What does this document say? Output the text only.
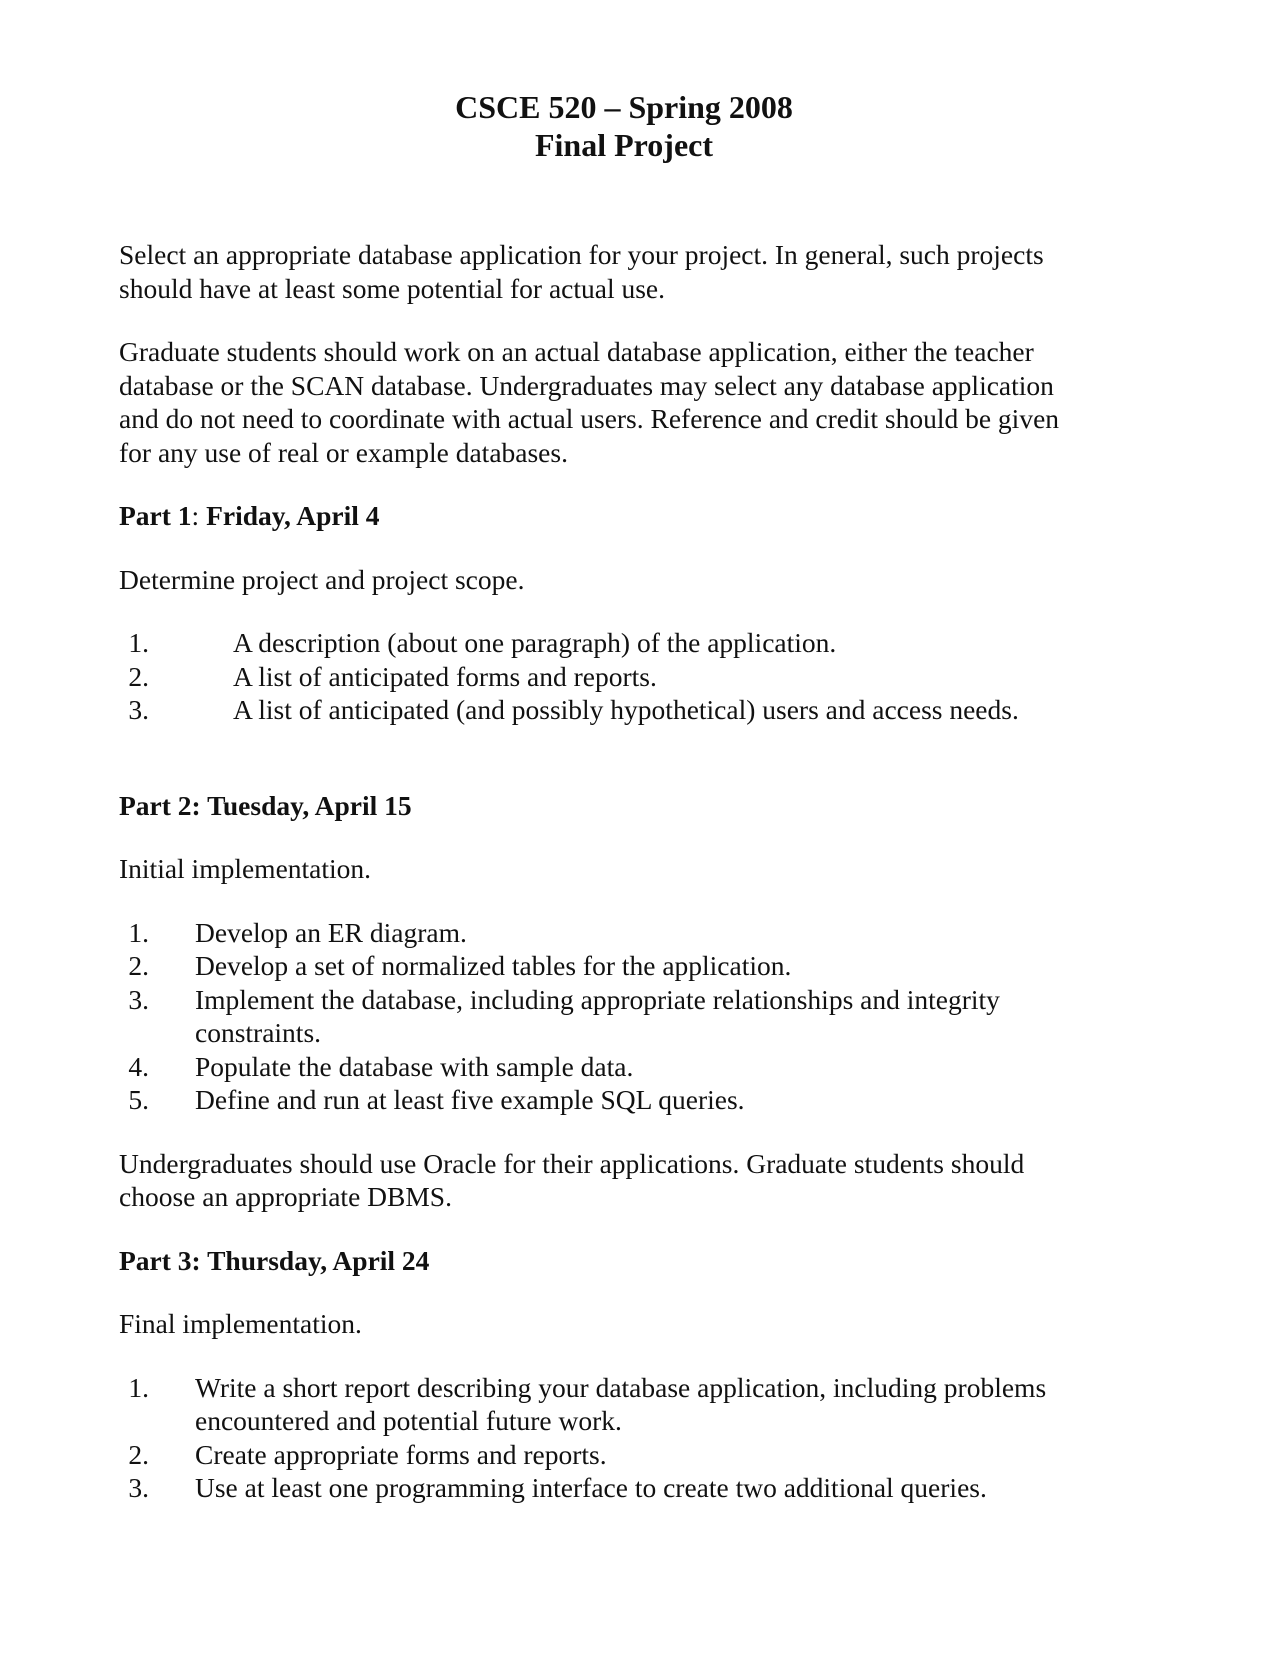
CSCE 520 – Spring 2008
Final Project

Select an appropriate database application for your project. In general, such projects
should have at least some potential for actual use.

Graduate students should work on an actual database application, either the teacher
database or the SCAN database. Undergraduates may select any database application
and do not need to coordinate with actual users. Reference and credit should be given
for any use of real or example databases.

Part 1: Friday, April 4

Determine project and project scope.

1.	A description (about one paragraph) of the application.
2.	A list of anticipated forms and reports.
3.	A list of anticipated (and possibly hypothetical) users and access needs.

Part 2: Tuesday, April 15

Initial implementation.

1. Develop an ER diagram.
2. Develop a set of normalized tables for the application.
3. Implement the database, including appropriate relationships and integrity
constraints.
4. Populate the database with sample data.
5. Define and run at least five example SQL queries.

Undergraduates should use Oracle for their applications. Graduate students should
choose an appropriate DBMS.

Part 3: Thursday, April 24

Final implementation.

1. Write a short report describing your database application, including problems
encountered and potential future work.
2. Create appropriate forms and reports.
3. Use at least one programming interface to create two additional queries.
